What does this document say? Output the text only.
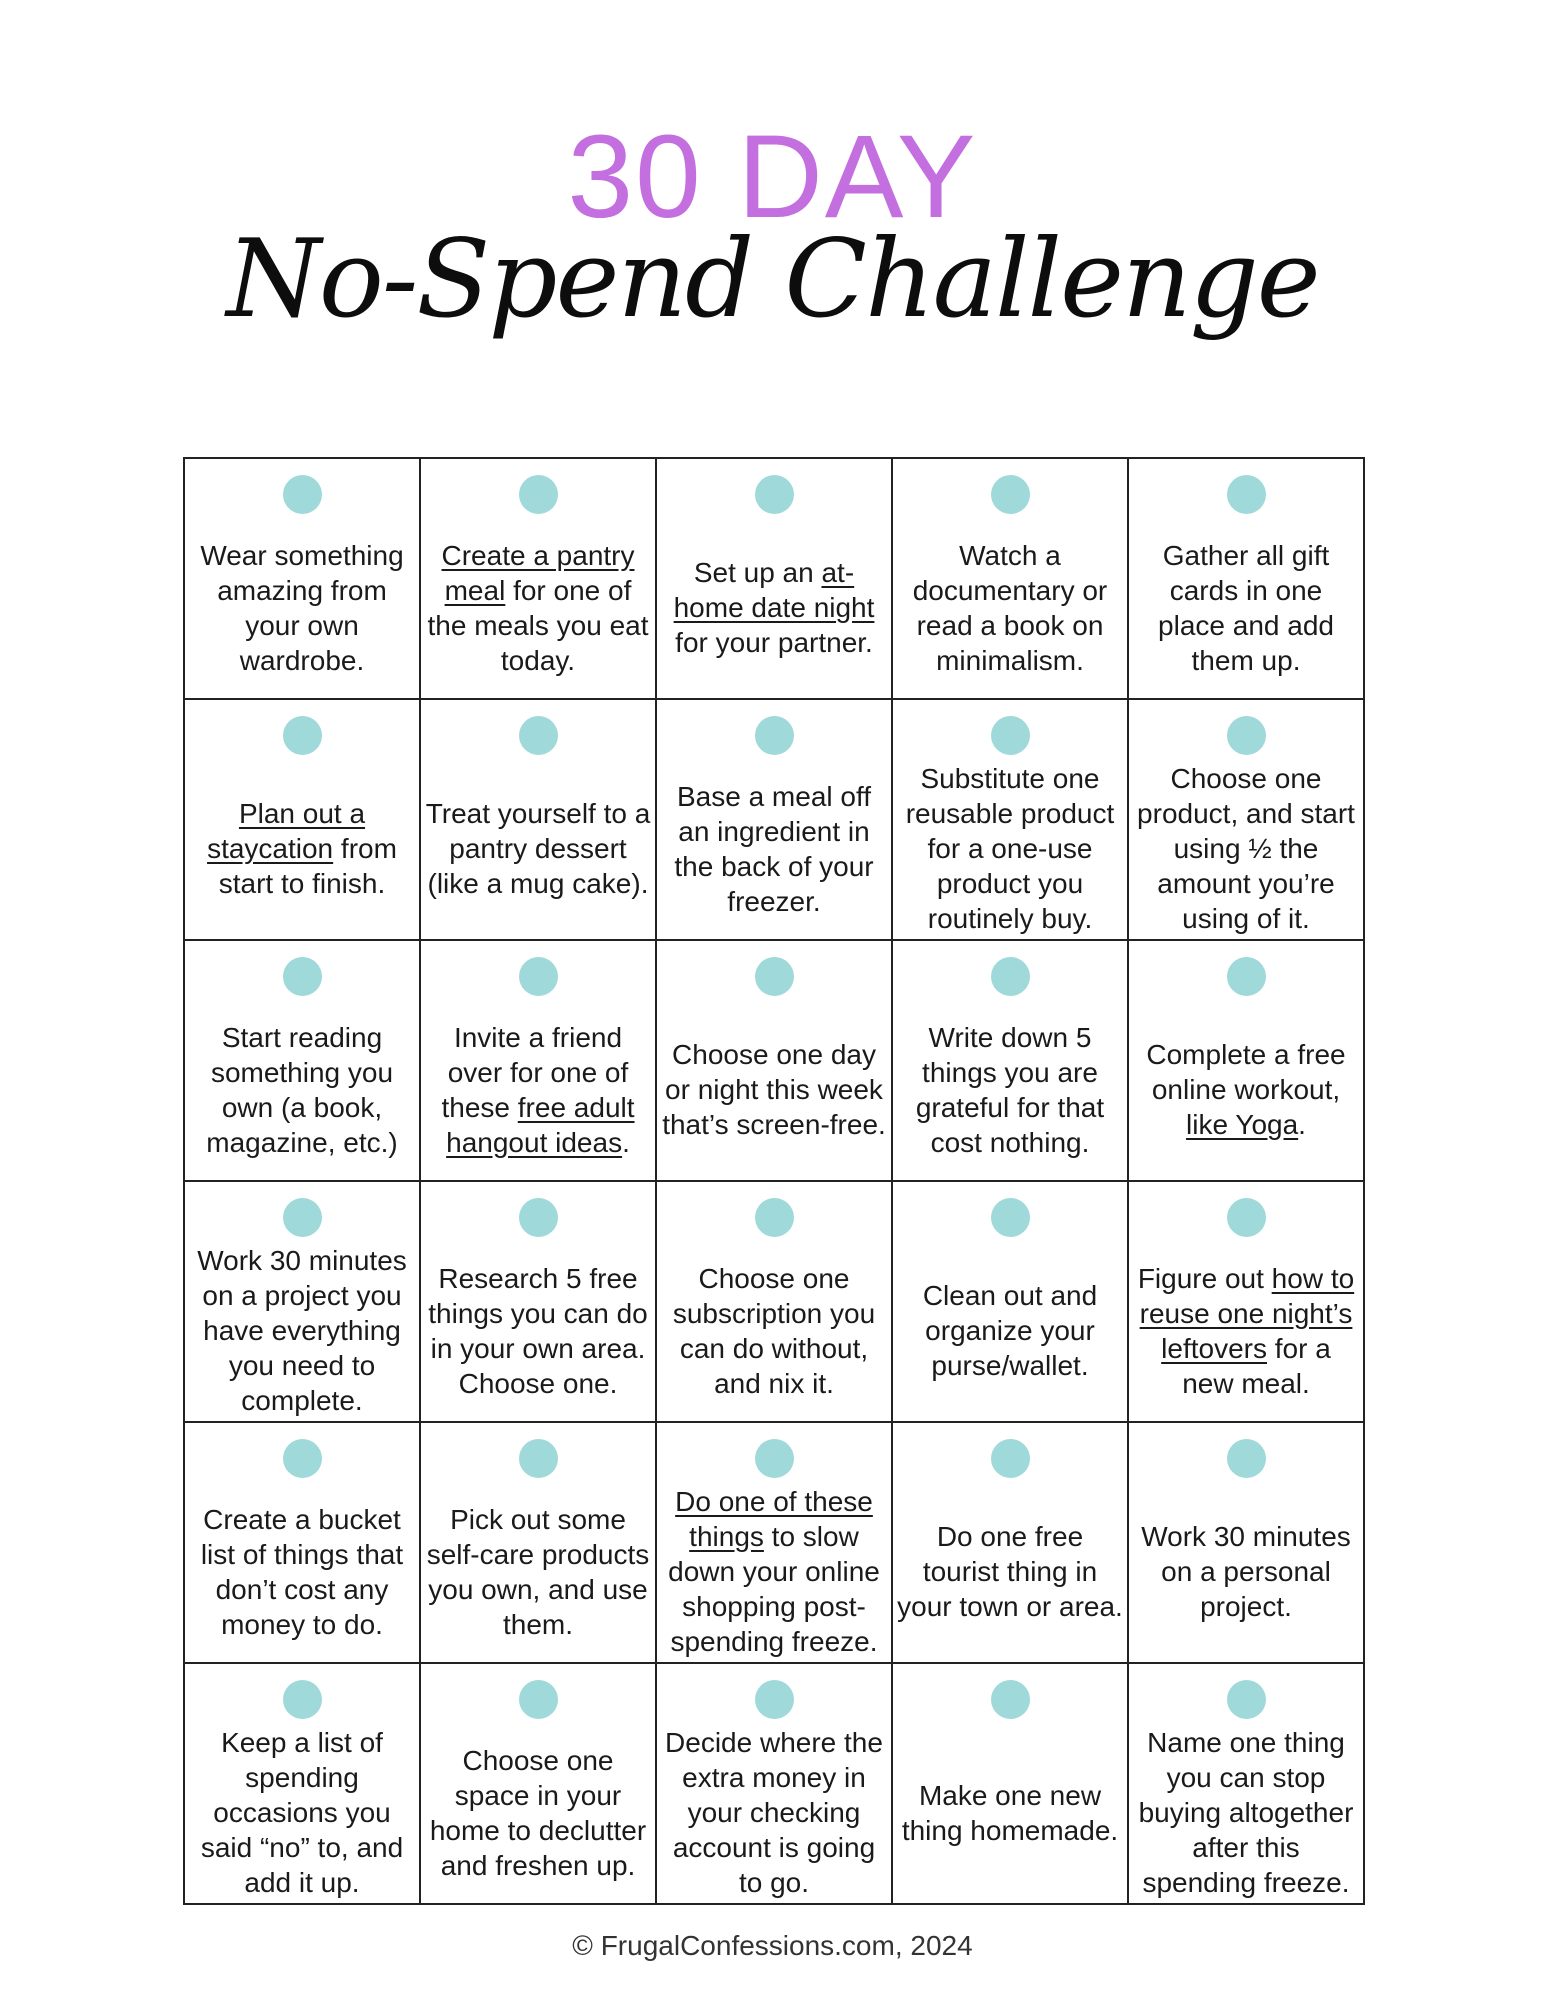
30 DAY
No-Spend Challenge
Wear something amazing from your own wardrobe.
Create a pantry meal for one of the meals you eat today.
Set up an at-home date night for your partner.
Watch a documentary or read a book on minimalism.
Gather all gift cards in one place and add them up.
Plan out a staycation from start to finish.
Treat yourself to a pantry dessert (like a mug cake).
Base a meal off an ingredient in the back of your freezer.
Substitute one reusable product for a one-use product you routinely buy.
Choose one product, and start using ½ the amount you’re using of it.
Start reading something you own (a book, magazine, etc.)
Invite a friend over for one of these free adult hangout ideas.
Choose one day or night this week that’s screen-free.
Write down 5 things you are grateful for that cost nothing.
Complete a free online workout, like Yoga.
Work 30 minutes on a project you have everything you need to complete.
Research 5 free things you can do in your own area. Choose one.
Choose one subscription you can do without, and nix it.
Clean out and organize your purse/wallet.
Figure out how to reuse one night’s leftovers for a new meal.
Create a bucket list of things that don’t cost any money to do.
Pick out some self-care products you own, and use them.
Do one of these things to slow down your online shopping post-spending freeze.
Do one free tourist thing in your town or area.
Work 30 minutes on a personal project.
Keep a list of spending occasions you said “no” to, and add it up.
Choose one space in your home to declutter and freshen up.
Decide where the extra money in your checking account is going to go.
Make one new thing homemade.
Name one thing you can stop buying altogether after this spending freeze.
© FrugalConfessions.com, 2024
